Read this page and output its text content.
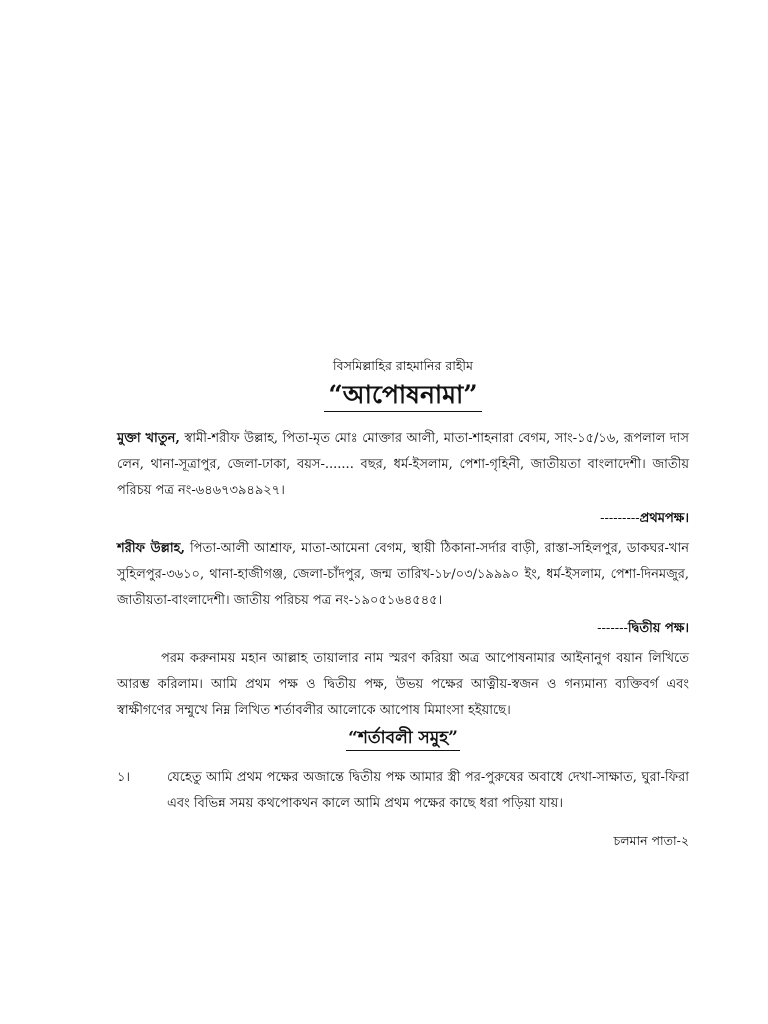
বিসমিল্লাহির রাহমানির রাহীম

“আপোষনামা”

মুক্তা খাতুন, স্বামী-শরীফ উল্লাহ, পিতা-মৃত মোঃ মোক্তার আলী, মাতা-শাহনারা বেগম, সাং-১৫/১৬, রূপলাল দাস লেন, থানা-সূত্রাপুর, জেলা-ঢাকা, বয়স-....... বছর, ধর্ম-ইসলাম, পেশা-গৃহিনী, জাতীয়তা বাংলাদেশী। জাতীয় পরিচয় পত্র নং-৬৪৬৭৩৯৪৯২৭।

---------প্রথমপক্ষ।

শরীফ উল্লাহ, পিতা-আলী আশ্রাফ, মাতা-আমেনা বেগম, স্থায়ী ঠিকানা-সর্দার বাড়ী, রাস্তা-সহিলপুর, ডাকঘর-খান সুহিলপুর-৩৬১০, থানা-হাজীগঞ্জ, জেলা-চাঁদপুর, জন্ম তারিখ-১৮/০৩/১৯৯৯০ ইং, ধর্ম-ইসলাম, পেশা-দিনমজুর, জাতীয়তা-বাংলাদেশী। জাতীয় পরিচয় পত্র নং-১৯০৫১৬৪৫৪৫।

-------দ্বিতীয় পক্ষ।

পরম করুনাময় মহান আল্লাহ তায়ালার নাম স্মরণ করিয়া অত্র আপোষনামার আইনানুগ বয়ান লিখিতে আরম্ভ করিলাম। আমি প্রথম পক্ষ ও দ্বিতীয় পক্ষ, উভয় পক্ষের আত্নীয়-স্বজন ও গন্যমান্য ব্যক্তিবর্গ এবং স্বাক্ষীগণের সম্মুখে নিম্ন লিখিত শর্তাবলীর আলোকে আপোষ মিমাংসা হইয়াছে।

“শর্তাবলী সমুহ”
১।	যেহেতু আমি প্রথম পক্ষের অজান্তে দ্বিতীয় পক্ষ আমার স্ত্রী পর-পুরুষের অবাধে দেখা-সাক্ষাত, ঘুরা-ফিরা এবং বিভিন্ন সময় কথপোকথন কালে আমি প্রথম পক্ষের কাছে ধরা পড়িয়া যায়।

চলমান পাতা-২
